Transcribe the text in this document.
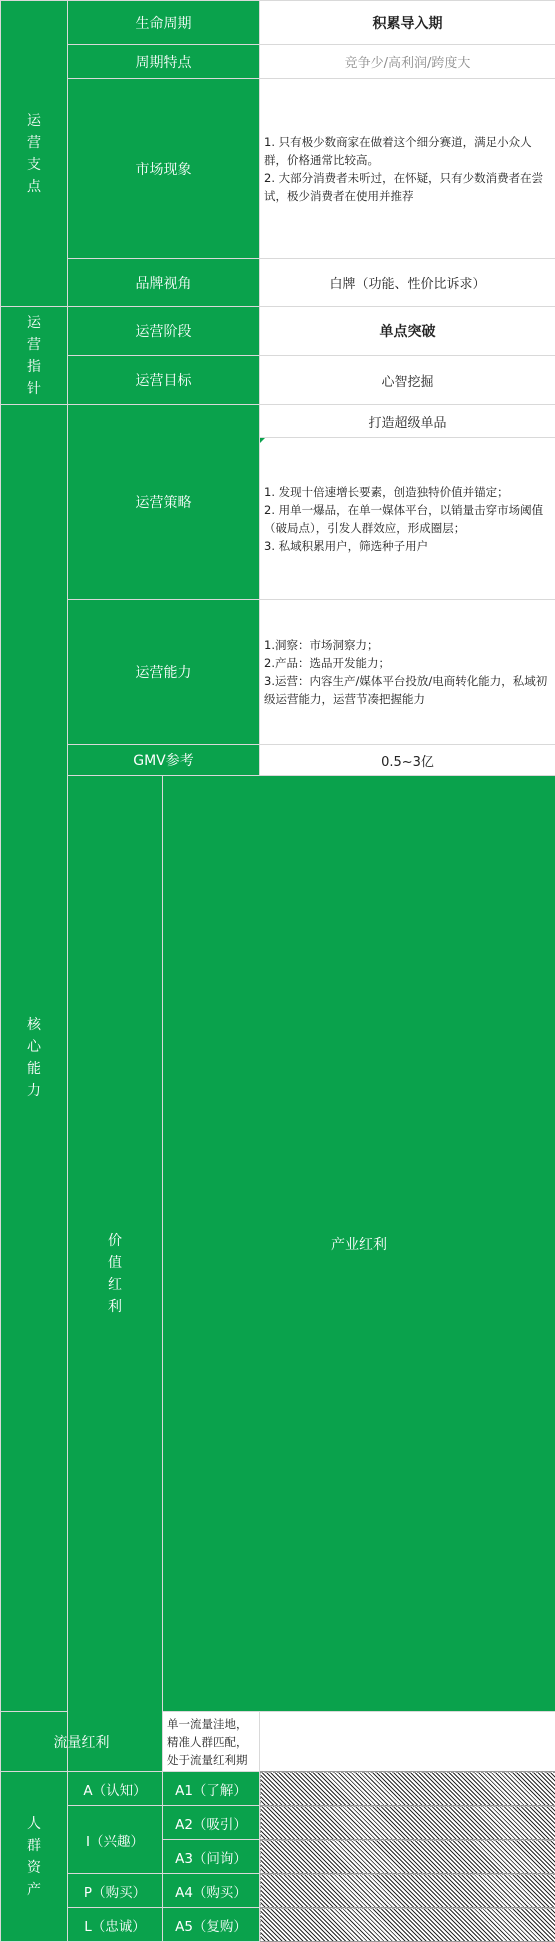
运营支点	生命周期		积累导入期	
	周期特点		竞争少/高利润/跨度大	
	市场现象		1. 只有极少数商家在做着这个细分赛道，满足小众人群，价格通常比较高。
2. 大部分消费者未听过，在怀疑，只有少数消费者在尝试，极少消费者在使用并推荐	

	品牌视角		白牌（功能、性价比诉求）	

运营指针	运营阶段		单点突破	
	运营目标		心智挖掘	

核心能力	运营策略		打造超级单品	

			1. 发现十倍速增长要素，创造独特价值并锚定；
2. 用单一爆品，在单一媒体平台，以销量击穿市场阈值（破局点），引发人群效应，形成圈层；
3. 私域积累用户，筛选种子用户	

	运营能力		1.洞察：市场洞察力；
2.产品：选品开发能力；
3.运营：内容生产/媒体平台投放/电商转化能力，私域初级运营能力，运营节凑把握能力	

	GMV参考		0.5~3亿	

	价值红利	产业红利	
流量红利		单一流量洼地，精准人群匹配，处于流量红利期		

人群资产	A（认知）	A1（了解）		
	I（兴趣）	A2（吸引）		
		A3（问询）		
	P（购买）	A4（购买）		
	L（忠诚）	A5（复购）		
